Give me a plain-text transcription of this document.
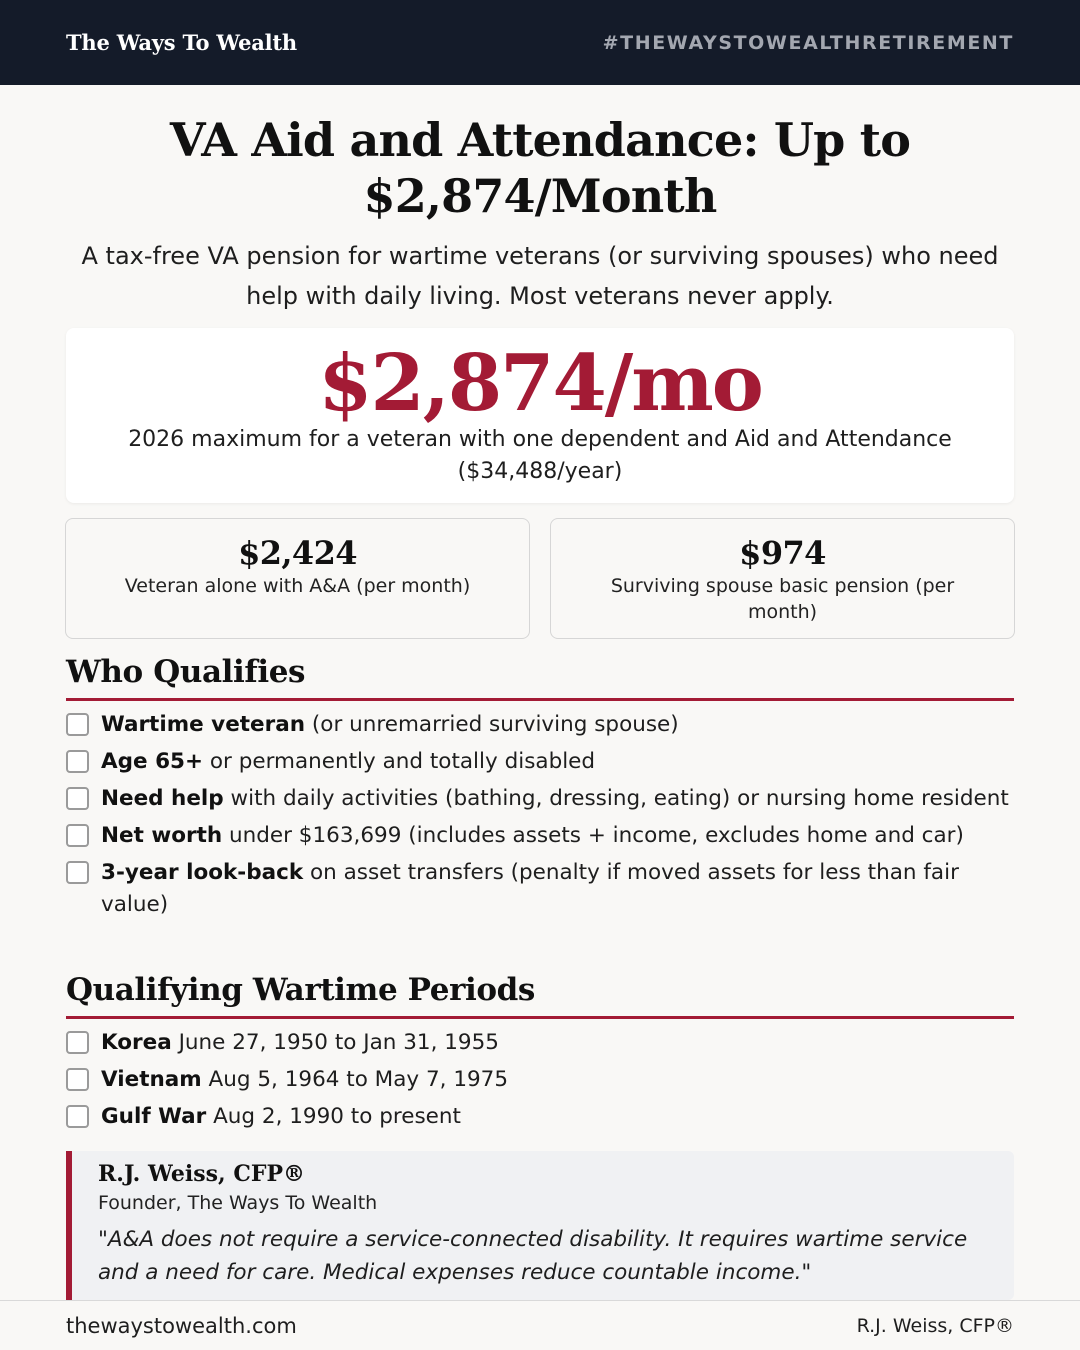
The Ways To Wealth	#THEWAYSTOWEALTHRETIREMENT
VA Aid and Attendance: Up to $2,874/Month

A tax-free VA pension for wartime veterans (or surviving spouses) who need help with daily living. Most veterans never apply.

$2,874/mo
2026 maximum for a veteran with one dependent and Aid and Attendance ($34,488/year)
$2,424
Veteran alone with A&A (per month)
$974
Surviving spouse basic pension (per month)
Who Qualifies
Wartime veteran (or unremarried surviving spouse)
Age 65+ or permanently and totally disabled
Need help with daily activities (bathing, dressing, eating) or nursing home resident
Net worth under $163,699 (includes assets + income, excludes home and car)
3-year look-back on asset transfers (penalty if moved assets for less than fair value)
Qualifying Wartime Periods
Korea June 27, 1950 to Jan 31, 1955
Vietnam Aug 5, 1964 to May 7, 1975
Gulf War Aug 2, 1990 to present
R.J. Weiss, CFP®
Founder, The Ways To Wealth
"A&A does not require a service-connected disability. It requires wartime service and a need for care. Medical expenses reduce countable income."
thewaystowealth.com	R.J. Weiss, CFP®
